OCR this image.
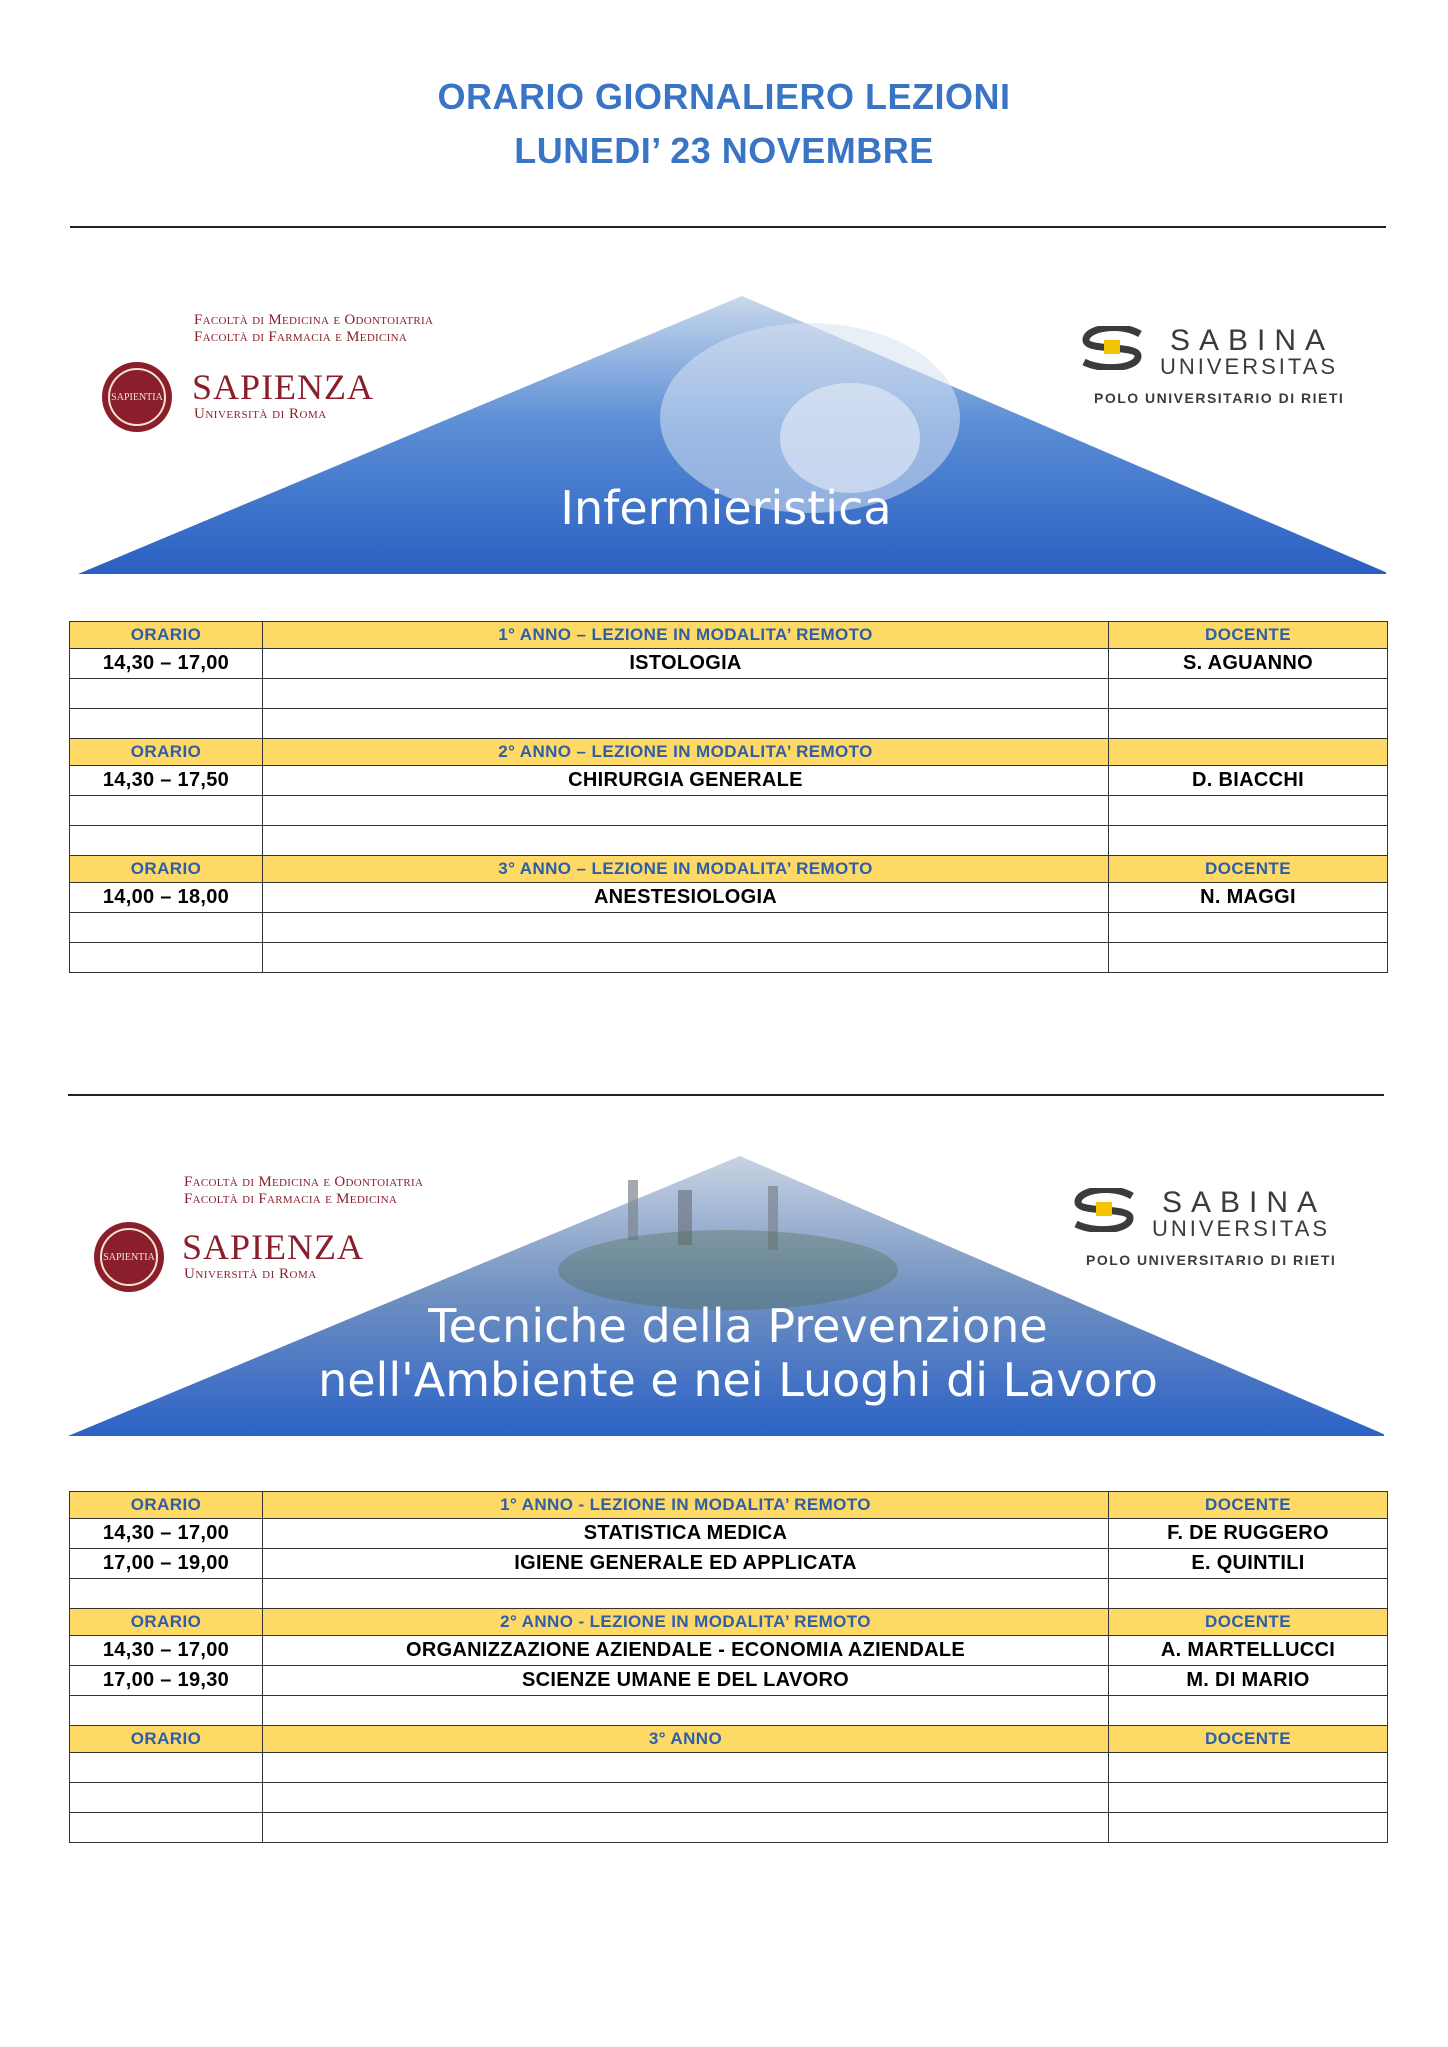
ORARIO GIORNALIERO LEZIONI
LUNEDI’ 23 NOVEMBRE
Facoltà di Medicina e Odontoiatria
Facoltà di Farmacia e Medicina
SAPIENTIA SAPIENZA
Università di Roma
SABINA
UNIVERSITAS
POLO UNIVERSITARIO DI RIETI
Infermieristica
ORARIO	1° ANNO – LEZIONE IN MODALITA’ REMOTO	DOCENTE
14,30 – 17,00	ISTOLOGIA	S. AGUANNO

ORARIO	2° ANNO – LEZIONE IN MODALITA’ REMOTO	
14,30 – 17,50	CHIRURGIA GENERALE	D. BIACCHI

ORARIO	3° ANNO – LEZIONE IN MODALITA’ REMOTO	DOCENTE
14,00 – 18,00	ANESTESIOLOGIA	N. MAGGI

Facoltà di Medicina e Odontoiatria
Facoltà di Farmacia e Medicina
SAPIENTIA SAPIENZA
Università di Roma
SABINA
UNIVERSITAS
POLO UNIVERSITARIO DI RIETI
Tecniche della Prevenzione
nell'Ambiente e nei Luoghi di Lavoro
ORARIO	1° ANNO - LEZIONE IN MODALITA’ REMOTO	DOCENTE
14,30 – 17,00	STATISTICA MEDICA	F. DE RUGGERO
17,00 – 19,00	IGIENE GENERALE ED APPLICATA	E. QUINTILI

ORARIO	2° ANNO - LEZIONE IN MODALITA’ REMOTO	DOCENTE
14,30 – 17,00	ORGANIZZAZIONE AZIENDALE - ECONOMIA AZIENDALE	A. MARTELLUCCI
17,00 – 19,30	SCIENZE UMANE E DEL LAVORO	M. DI MARIO

ORARIO	3° ANNO	DOCENTE
